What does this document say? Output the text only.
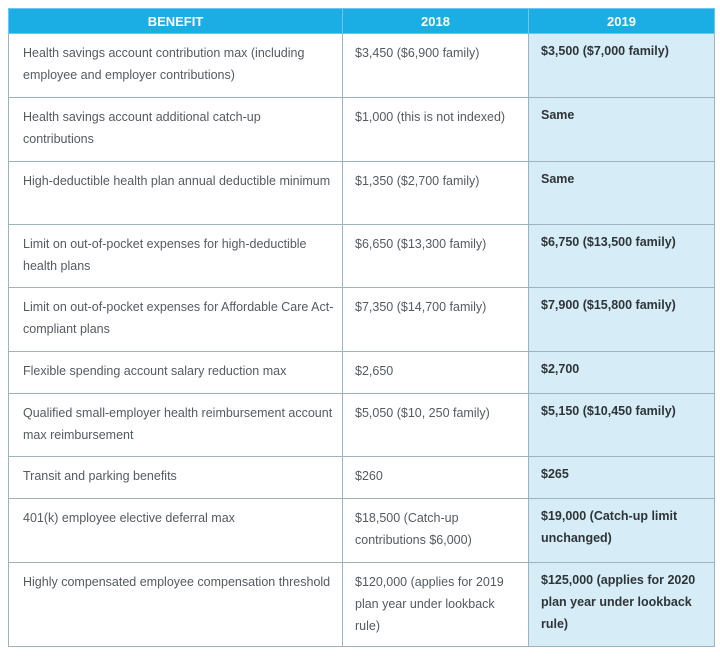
BENEFIT	2018	2019
Health savings account contribution max (including employee and employer contributions)	$3,450 ($6,900 family)	$3,500 ($7,000 family)
Health savings account additional catch-up contributions	$1,000 (this is not indexed)	Same
High-deductible health plan annual deductible minimum	$1,350 ($2,700 family)	Same
Limit on out-of-pocket expenses for high-deductible health plans	$6,650 ($13,300 family)	$6,750 ($13,500 family)
Limit on out-of-pocket expenses for Affordable Care Act-compliant plans	$7,350 ($14,700 family)	$7,900 ($15,800 family)
Flexible spending account salary reduction max	$2,650	$2,700
Qualified small-employer health reimbursement account max reimbursement	$5,050 ($10, 250 family)	$5,150 ($10,450 family)
Transit and parking benefits	$260	$265
401(k) employee elective deferral max	$18,500 (Catch-up contributions $6,000)	$19,000 (Catch-up limit unchanged)
Highly compensated employee compensation threshold	$120,000 (applies for 2019 plan year under lookback rule)	$125,000 (applies for 2020 plan year under lookback rule)
